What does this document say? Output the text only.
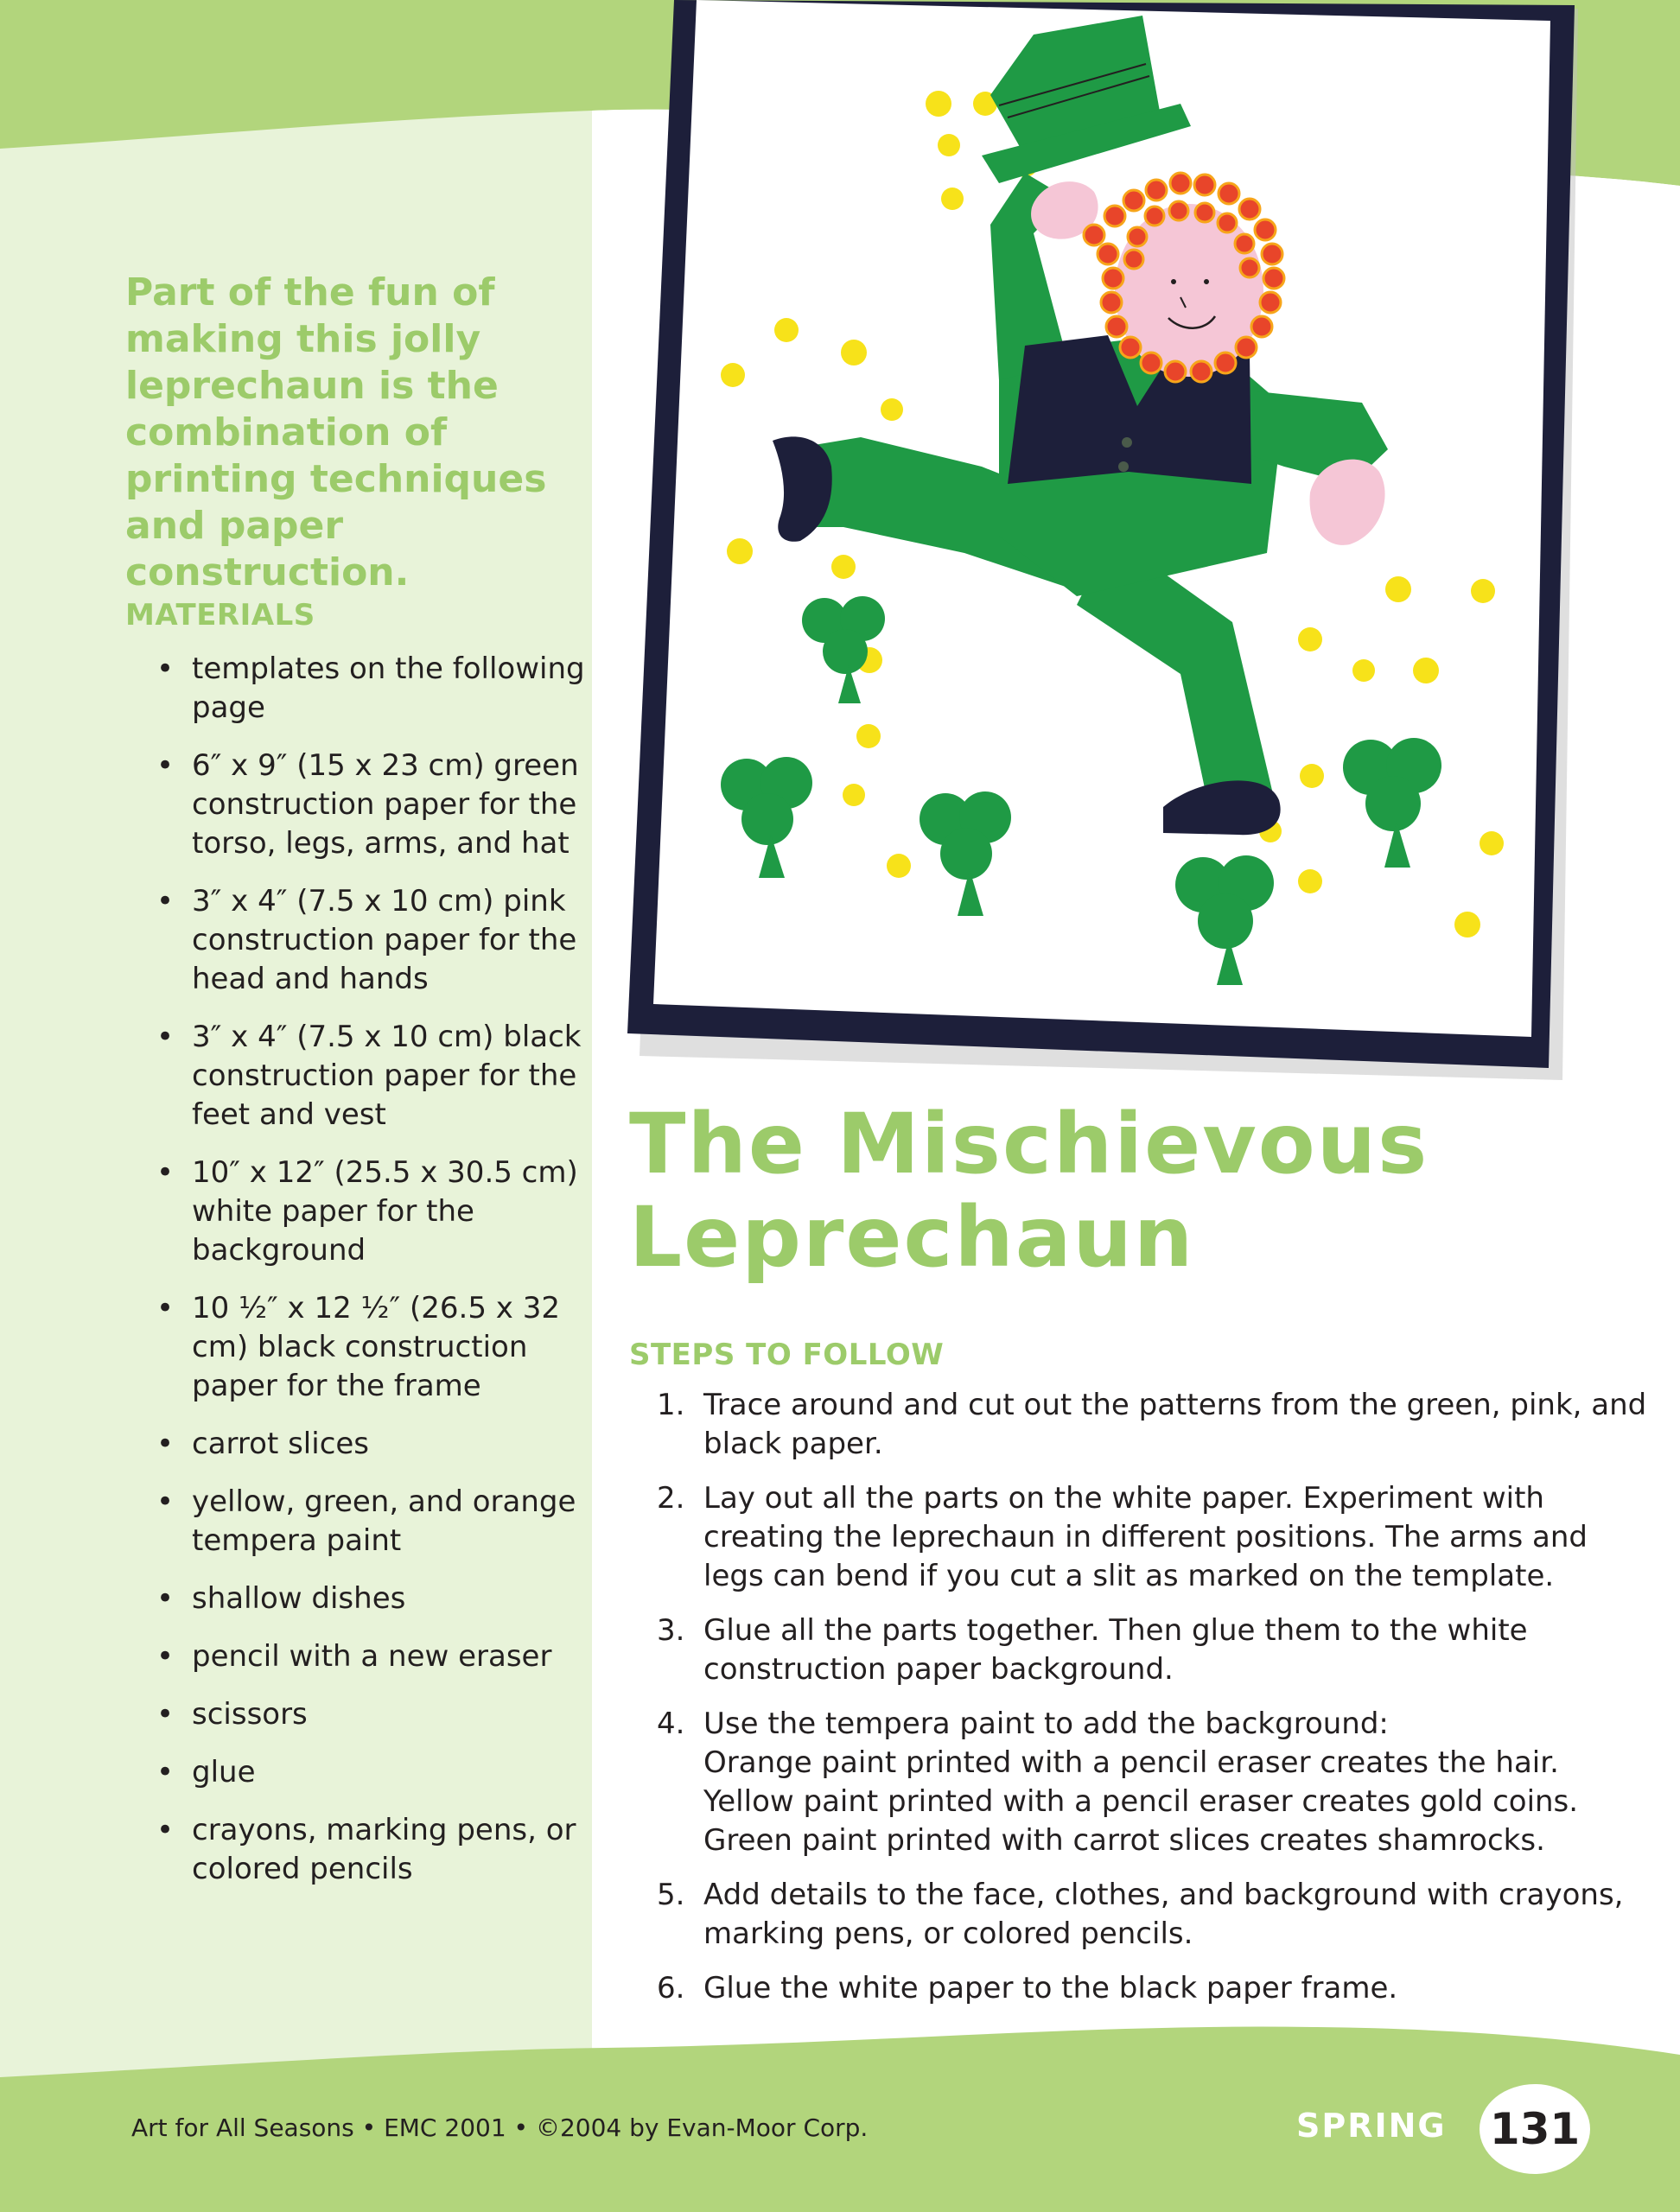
Part of the fun of making this jolly leprechaun is the combination of printing techniques and paper construction.

MATERIALS
• templates on the following page
• 6″ x 9″ (15 x 23 cm) green construction paper for the torso, legs, arms, and hat
• 3″ x 4″ (7.5 x 10 cm) pink construction paper for the head and hands
• 3″ x 4″ (7.5 x 10 cm) black construction paper for the feet and vest
• 10″ x 12″ (25.5 x 30.5 cm) white paper for the background
• 10 ½″ x 12 ½″ (26.5 x 32 cm) black construction paper for the frame
• carrot slices
• yellow, green, and orange tempera paint
• shallow dishes
• pencil with a new eraser
• scissors
• glue
• crayons, marking pens, or colored pencils
The Mischievous Leprechaun
STEPS TO FOLLOW
1. Trace around and cut out the patterns from the green, pink, and black paper.
2. Lay out all the parts on the white paper. Experiment with creating the leprechaun in different positions. The arms and legs can bend if you cut a slit as marked on the template.
3. Glue all the parts together. Then glue them to the white construction paper background.
4. Use the tempera paint to add the background:
Orange paint printed with a pencil eraser creates the hair.
Yellow paint printed with a pencil eraser creates gold coins.
Green paint printed with carrot slices creates shamrocks.
5. Add details to the face, clothes, and background with crayons, marking pens, or colored pencils.
6. Glue the white paper to the black paper frame.
Art for All Seasons • EMC 2001 • ©2004 by Evan-Moor Corp.	SPRING 131
